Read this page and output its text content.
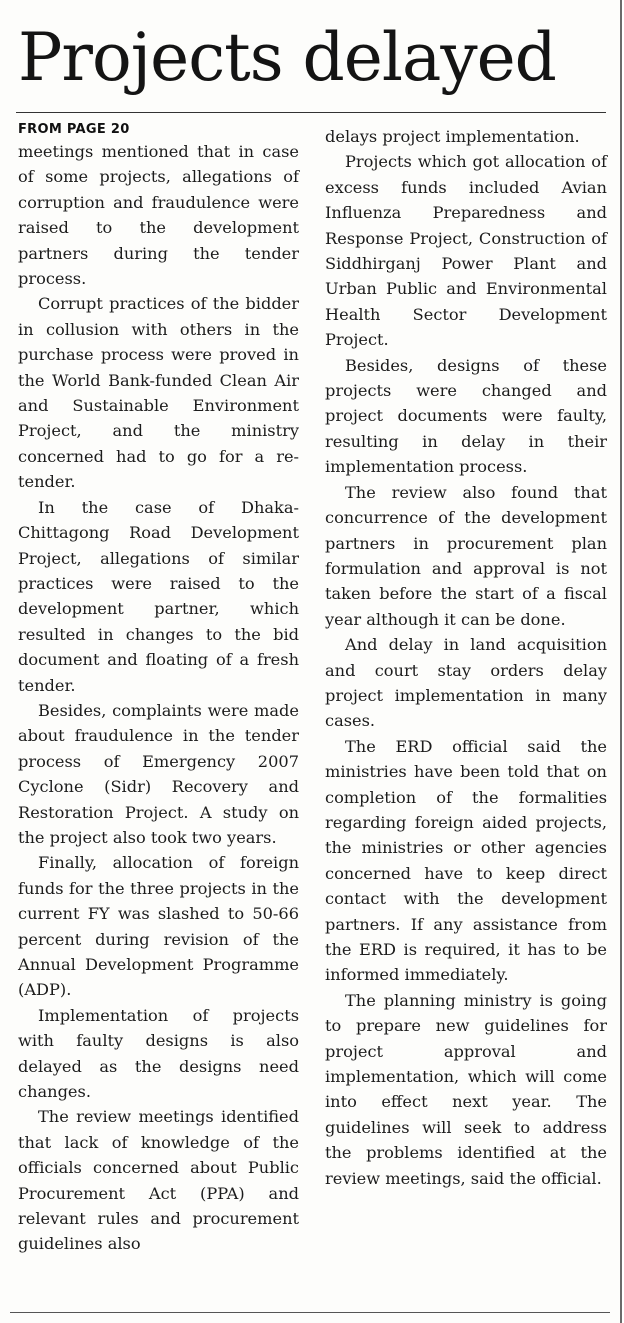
Projects delayed
FROM PAGE 20

meetings mentioned that in case of some projects, allegations of corruption and fraudulence were raised to the development partners during the tender process.

Corrupt practices of the bidder in collusion with others in the purchase process were proved in the World Bank-funded Clean Air and Sustainable Environment Project, and the ministry concerned had to go for a re-tender.

In the case of Dhaka-Chittagong Road Development Project, allegations of similar practices were raised to the development partner, which resulted in changes to the bid document and floating of a fresh tender.

Besides, complaints were made about fraudulence in the tender process of Emergency 2007 Cyclone (Sidr) Recovery and Restoration Project. A study on the project also took two years.

Finally, allocation of foreign funds for the three projects in the current FY was slashed to 50-66 percent during revision of the Annual Development Programme (ADP).

Implementation of projects with faulty designs is also delayed as the designs need changes.

The review meetings identified that lack of knowledge of the officials concerned about Public Procurement Act (PPA) and relevant rules and procurement guidelines also

delays project implementation.

Projects which got allocation of excess funds included Avian Influenza Preparedness and Response Project, Construction of Siddhirganj Power Plant and Urban Public and Environmental Health Sector Development Project.

Besides, designs of these projects were changed and project documents were faulty, resulting in delay in their implementation process.

The review also found that concurrence of the development partners in procurement plan formulation and approval is not taken before the start of a fiscal year although it can be done.

And delay in land acquisition and court stay orders delay project implementation in many cases.

The ERD official said the ministries have been told that on completion of the formalities regarding foreign aided projects, the ministries or other agencies concerned have to keep direct contact with the development partners. If any assistance from the ERD is required, it has to be informed immediately.

The planning ministry is going to prepare new guidelines for project approval and implementation, which will come into effect next year. The guidelines will seek to address the problems identified at the review meetings, said the official.
